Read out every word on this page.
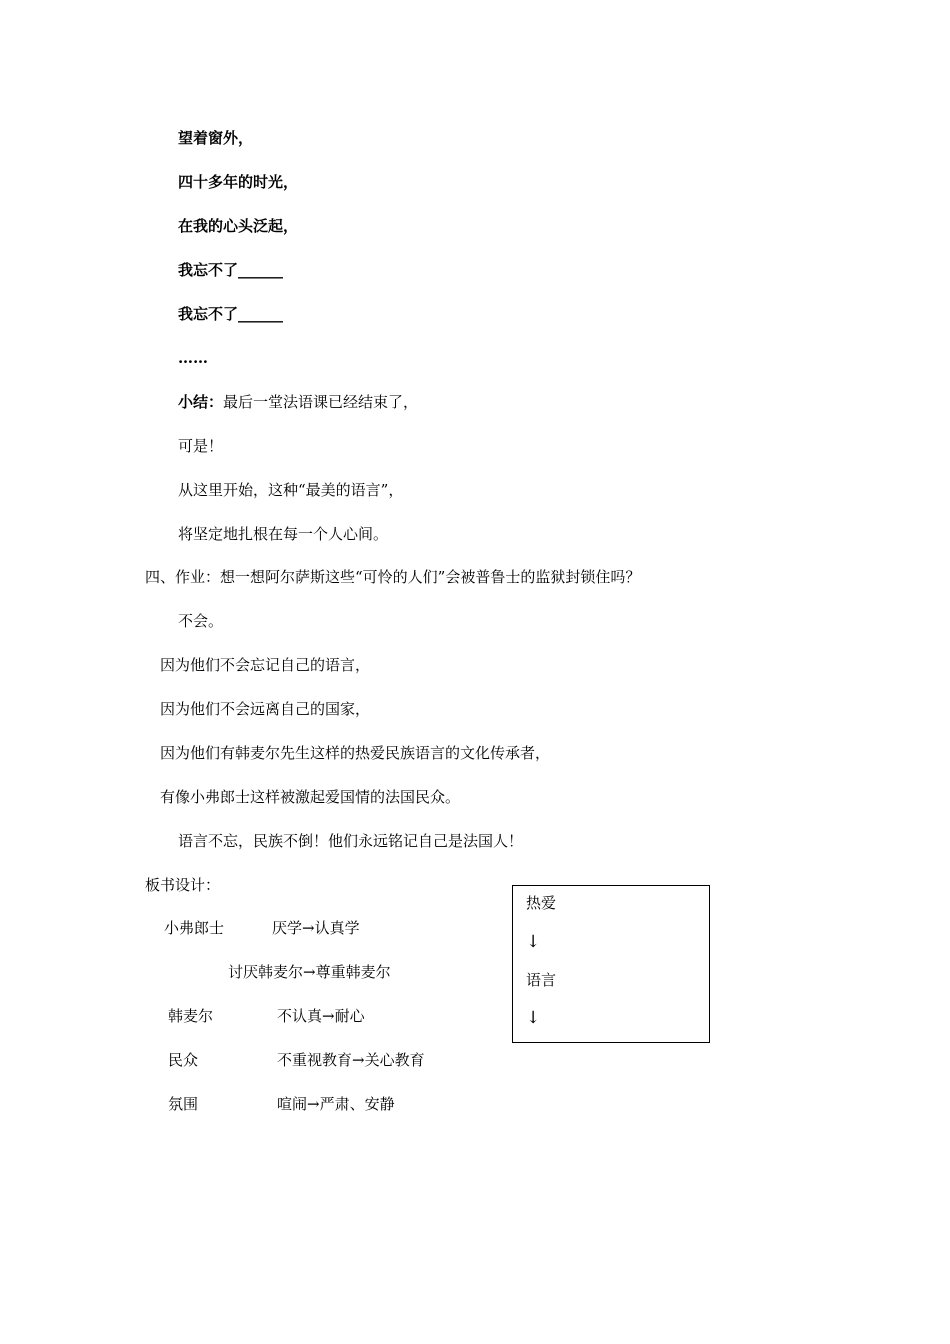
望着窗外，
四十多年的时光，
在我的心头泛起，
我忘不了______
我忘不了______
……
小结：最后一堂法语课已经结束了，
可是！
从这里开始，这种“最美的语言”，
将坚定地扎根在每一个人心间。
四、作业：想一想阿尔萨斯这些“可怜的人们”会被普鲁士的监狱封锁住吗？
不会。
因为他们不会忘记自己的语言，
因为他们不会远离自己的国家，
因为他们有韩麦尔先生这样的热爱民族语言的文化传承者，
有像小弗郎士这样被激起爱国情的法国民众。
语言不忘，民族不倒！他们永远铭记自己是法国人！
板书设计：
小弗郎士	厌学→认真学
讨厌韩麦尔→尊重韩麦尔
韩麦尔	不认真→耐心
民众	不重视教育→关心教育
氛围	喧闹→严肃、安静
热爱
↓
语言
↓
